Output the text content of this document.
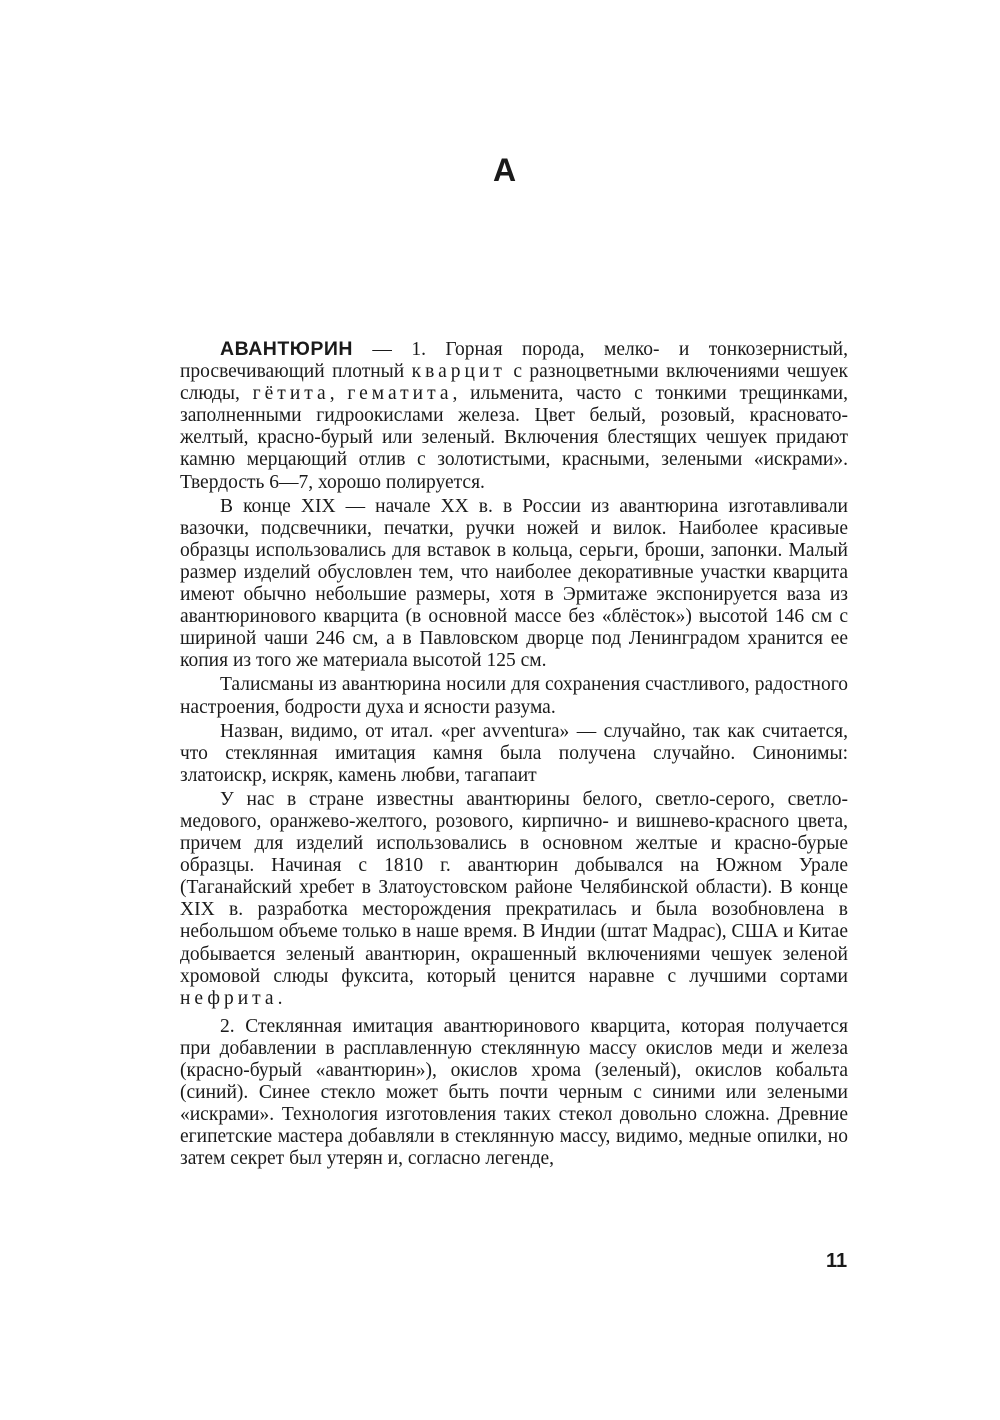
А

АВАНТЮРИН — 1. Горная порода, мелко- и тонкозернистый, просвечивающий плотный кварцит с разноцветными включениями чешуек слюды, гётита, гематита, ильменита, часто с тонкими трещинками, заполненными гидроокислами железа. Цвет белый, розовый, красновато-желтый, красно-бурый или зеленый. Включения блестящих чешуек придают камню мерцающий отлив с золотистыми, красными, зелеными «искрами». Твердость 6—7, хорошо полируется.

В конце XIX — начале XX в. в России из авантюрина изготавливали вазочки, подсвечники, печатки, ручки ножей и вилок. Наиболее красивые образцы использовались для вставок в кольца, серьги, броши, запонки. Малый размер изделий обусловлен тем, что наиболее декоративные участки кварцита имеют обычно небольшие размеры, хотя в Эрмитаже экспонируется ваза из авантюринового кварцита (в основной массе без «блёсток») высотой 146 см с шириной чаши 246 см, а в Павловском дворце под Ленинградом хранится ее копия из того же материала высотой 125 см.

Талисманы из авантюрина носили для сохранения счастливого, радостного настроения, бодрости духа и ясности разума.

Назван, видимо, от итал. «per avventura» — случайно, так как считается, что стеклянная имитация камня была получена случайно. Синонимы: златоискр, искряк, камень любви, тагапаит

У нас в стране известны авантюрины белого, светло-серого, светло-медового, оранжево-желтого, розового, кирпично- и вишнево-красного цвета, причем для изделий использовались в основном желтые и красно-бурые образцы. Начиная с 1810 г. авантюрин добывался на Южном Урале (Таганайский хребет в Златоустовском районе Челябинской области). В конце XIX в. разработка месторождения прекратилась и была возобновлена в небольшом объеме только в наше время. В Индии (штат Мадрас), США и Китае добывается зеленый авантюрин, окрашенный включениями чешуек зеленой хромовой слюды фуксита, который ценится наравне с лучшими сортами нефрита.

2. Стеклянная имитация авантюринового кварцита, которая получается при добавлении в расплавленную стеклянную массу окислов меди и железа (красно-бурый «авантюрин»), окислов хрома (зеленый), окислов кобальта (синий). Синее стекло может быть почти черным с синими или зелеными «искрами». Технология изготовления таких стекол довольно сложна. Древние египетские мастера добавляли в стеклянную массу, видимо, медные опилки, но затем секрет был утерян и, согласно легенде,

11
